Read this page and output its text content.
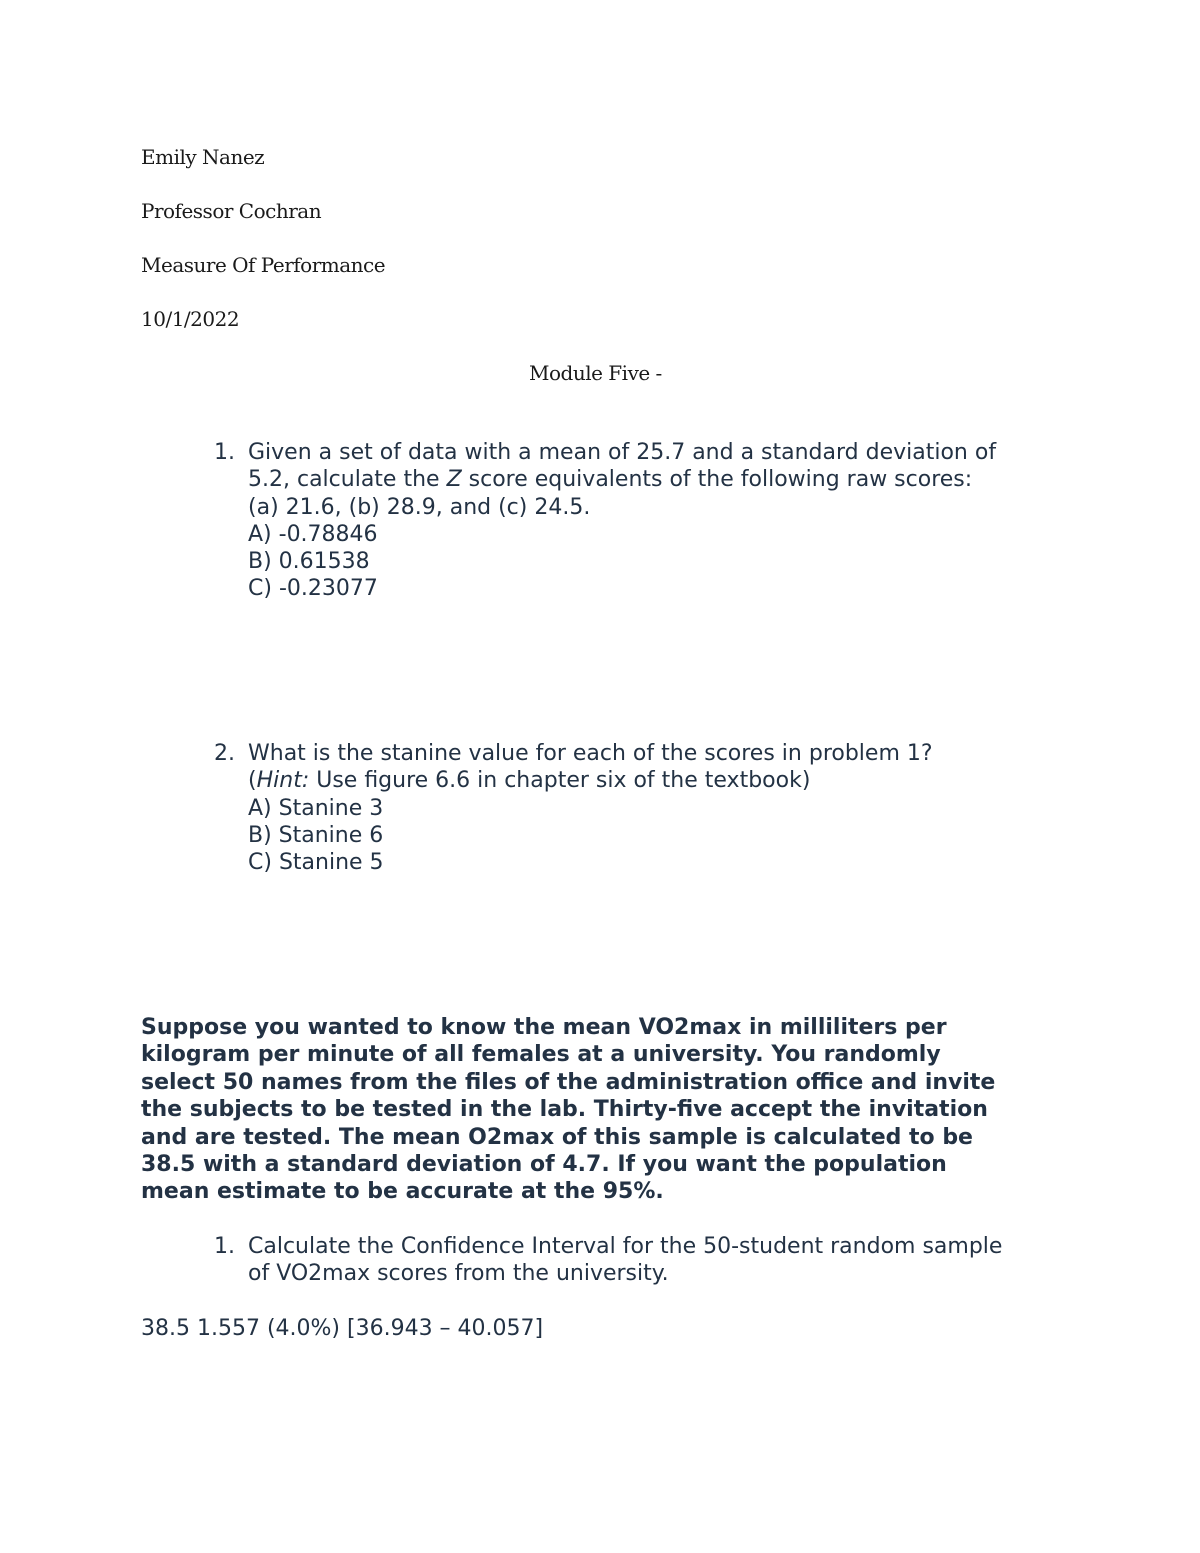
Emily Nanez

Professor Cochran

Measure Of Performance

10/1/2022

Module Five -

1. Given a set of data with a mean of 25.7 and a standard deviation of
5.2, calculate the Z score equivalents of the following raw scores:
(a) 21.6, (b) 28.9, and (c) 24.5.
A) -0.78846
B) 0.61538
C) -0.23077
2. What is the stanine value for each of the scores in problem 1?
(Hint: Use figure 6.6 in chapter six of the textbook)
A) Stanine 3
B) Stanine 6
C) Stanine 5
Suppose you wanted to know the mean VO2max in milliliters per
kilogram per minute of all females at a university. You randomly
select 50 names from the files of the administration office and invite
the subjects to be tested in the lab. Thirty-five accept the invitation
and are tested. The mean O2max of this sample is calculated to be
38.5 with a standard deviation of 4.7. If you want the population
mean estimate to be accurate at the 95%.
1. Calculate the Confidence Interval for the 50-student random sample
of VO2max scores from the university.

38.5 1.557 (4.0%) [36.943 – 40.057]
